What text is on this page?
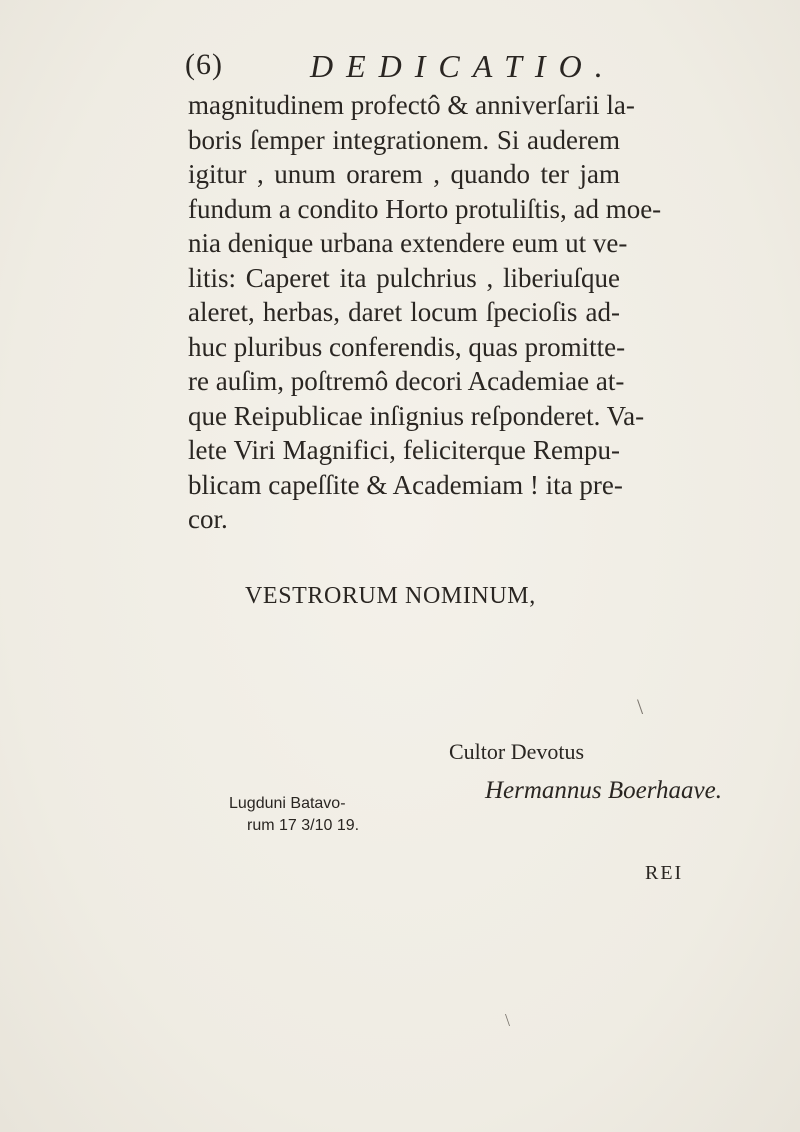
(6)	DEDICATIO.
magnitudinem profectô & anniverſarii la-
boris ſemper integrationem. Si auderem
igitur , unum orarem , quando ter jam
fundum a condito Horto protuliſtis, ad moe-
nia denique urbana extendere eum ut ve-
litis: Caperet ita pulchrius , liberiuſque
aleret, herbas, daret locum ſpecioſis ad-
huc pluribus conferendis, quas promitte-
re auſim, poſtremô decori Academiae at-
que Reipublicae inſignius reſponderet. Va-
lete Viri Magnifici, feliciterque Rempu-
blicam capeſſite & Academiam ! ita pre-
cor.
VESTRORUM NOMINUM,
Cultor Devotus
Hermannus Boerhaave.
Lugduni Batavo-
rum 17 3/10 19.
REI
\
\
